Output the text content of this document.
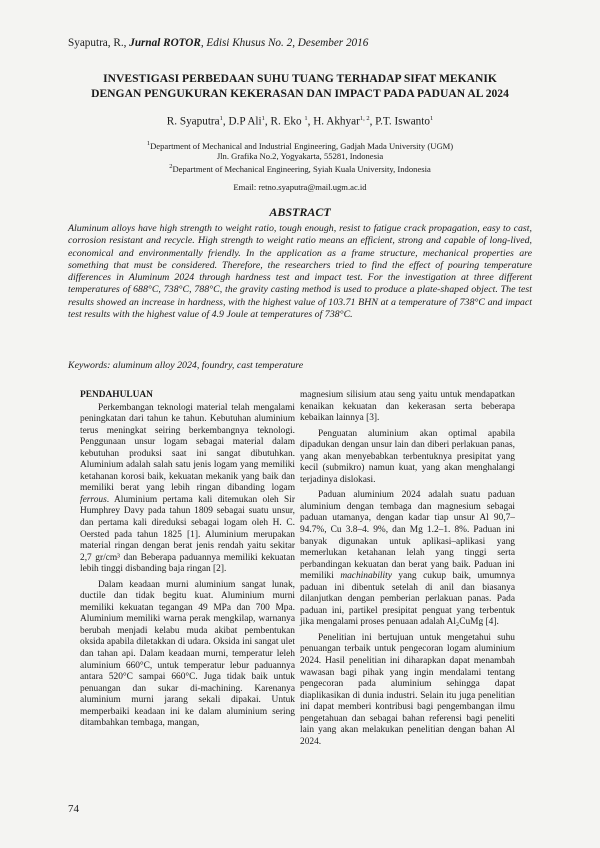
Syaputra, R., Jurnal ROTOR, Edisi Khusus No. 2, Desember 2016
INVESTIGASI PERBEDAAN SUHU TUANG TERHADAP SIFAT MEKANIK
DENGAN PENGUKURAN KEKERASAN DAN IMPACT PADA PADUAN AL 2024
R. Syaputra$^1$, D.P Ali$^1$, R. Eko $^1$, H. Akhyar$^{1, 2}$, P.T. Iswanto$^1$
$^1$Department of Mechanical and Industrial Engineering, Gadjah Mada University (UGM)
Jln. Grafika No.2, Yogyakarta, 55281, Indonesia
$^2$Department of Mechanical Engineering, Syiah Kuala University, Indonesia
Email: retno.syaputra@mail.ugm.ac.id
ABSTRACT
Aluminum alloys have high strength to weight ratio, tough enough, resist to fatigue crack propagation, easy to cast, corrosion resistant and recycle. High strength to weight ratio means an efficient, strong and capable of long-lived, economical and environmentally friendly. In the application as a frame structure, mechanical properties are something that must be considered. Therefore, the researchers tried to find the effect of pouring temperature differences in Aluminum 2024 through hardness test and impact test. For the investigation at three different temperatures of 688°C, 738°C, 788°C, the gravity casting method is used to produce a plate-shaped object. The test results showed an increase in hardness, with the highest value of 103.71 BHN at a temperature of 738°C and impact test results with the highest value of 4.9 Joule at temperatures of 738°C.
Keywords: aluminum alloy 2024, foundry, cast temperature
PENDAHULUAN

Perkembangan teknologi material telah mengalami peningkatan dari tahun ke tahun. Kebutuhan aluminium terus meningkat seiring berkembangnya teknologi. Penggunaan unsur logam sebagai material dalam kebutuhan produksi saat ini sangat dibutuhkan. Aluminium adalah salah satu jenis logam yang memiliki ketahanan korosi baik, kekuatan mekanik yang baik dan memiliki berat yang lebih ringan dibanding logam ferrous. Aluminium pertama kali ditemukan oleh Sir Humphrey Davy pada tahun 1809 sebagai suatu unsur, dan pertama kali direduksi sebagai logam oleh H. C. Oersted pada tahun 1825 [1]. Aluminium merupakan material ringan dengan berat jenis rendah yaitu sekitar 2,7 gr/cm³ dan Beberapa paduannya memiliki kekuatan lebih tinggi disbanding baja ringan [2].

Dalam keadaan murni aluminium sangat lunak, ductile dan tidak begitu kuat. Aluminium murni memiliki kekuatan tegangan 49 MPa dan 700 Mpa. Aluminium memiliki warna perak mengkilap, warnanya berubah menjadi kelabu muda akibat pembentukan oksida apabila diletakkan di udara. Oksida ini sangat ulet dan tahan api. Dalam keadaan murni, temperatur leleh aluminium 660°C, untuk temperatur lebur paduannya antara 520°C sampai 660°C. Juga tidak baik untuk penuangan dan sukar di-machining. Karenanya aluminium murni jarang sekali dipakai. Untuk memperbaiki keadaan ini ke dalam aluminium sering ditambahkan tembaga, mangan,

magnesium silisium atau seng yaitu untuk mendapatkan kenaikan kekuatan dan kekerasan serta beberapa kebaikan lainnya [3].

Penguatan aluminium akan optimal apabila dipadukan dengan unsur lain dan diberi perlakuan panas, yang akan menyebabkan terbentuknya presipitat yang kecil (submikro) namun kuat, yang akan menghalangi terjadinya dislokasi.

Paduan aluminium 2024 adalah suatu paduan aluminium dengan tembaga dan magnesium sebagai paduan utamanya, dengan kadar tiap unsur Al 90,7–94.7%, Cu 3.8–4. 9%, dan Mg 1.2–1. 8%. Paduan ini banyak digunakan untuk aplikasi–aplikasi yang memerlukan ketahanan lelah yang tinggi serta perbandingan kekuatan dan berat yang baik. Paduan ini memiliki machinability yang cukup baik, umumnya paduan ini dibentuk setelah di anil dan biasanya dilanjutkan dengan pemberian perlakuan panas. Pada paduan ini, partikel presipitat penguat yang terbentuk jika mengalami proses penuaan adalah Al₂CuMg [4].

Penelitian ini bertujuan untuk mengetahui suhu penuangan terbaik untuk pengecoran logam aluminium 2024. Hasil penelitian ini diharapkan dapat menambah wawasan bagi pihak yang ingin mendalami tentang pengecoran pada aluminium sehingga dapat diaplikasikan di dunia industri. Selain itu juga penelitian ini dapat memberi kontribusi bagi pengembangan ilmu pengetahuan dan sebagai bahan referensi bagi peneliti lain yang akan melakukan penelitian dengan bahan Al 2024.

74
